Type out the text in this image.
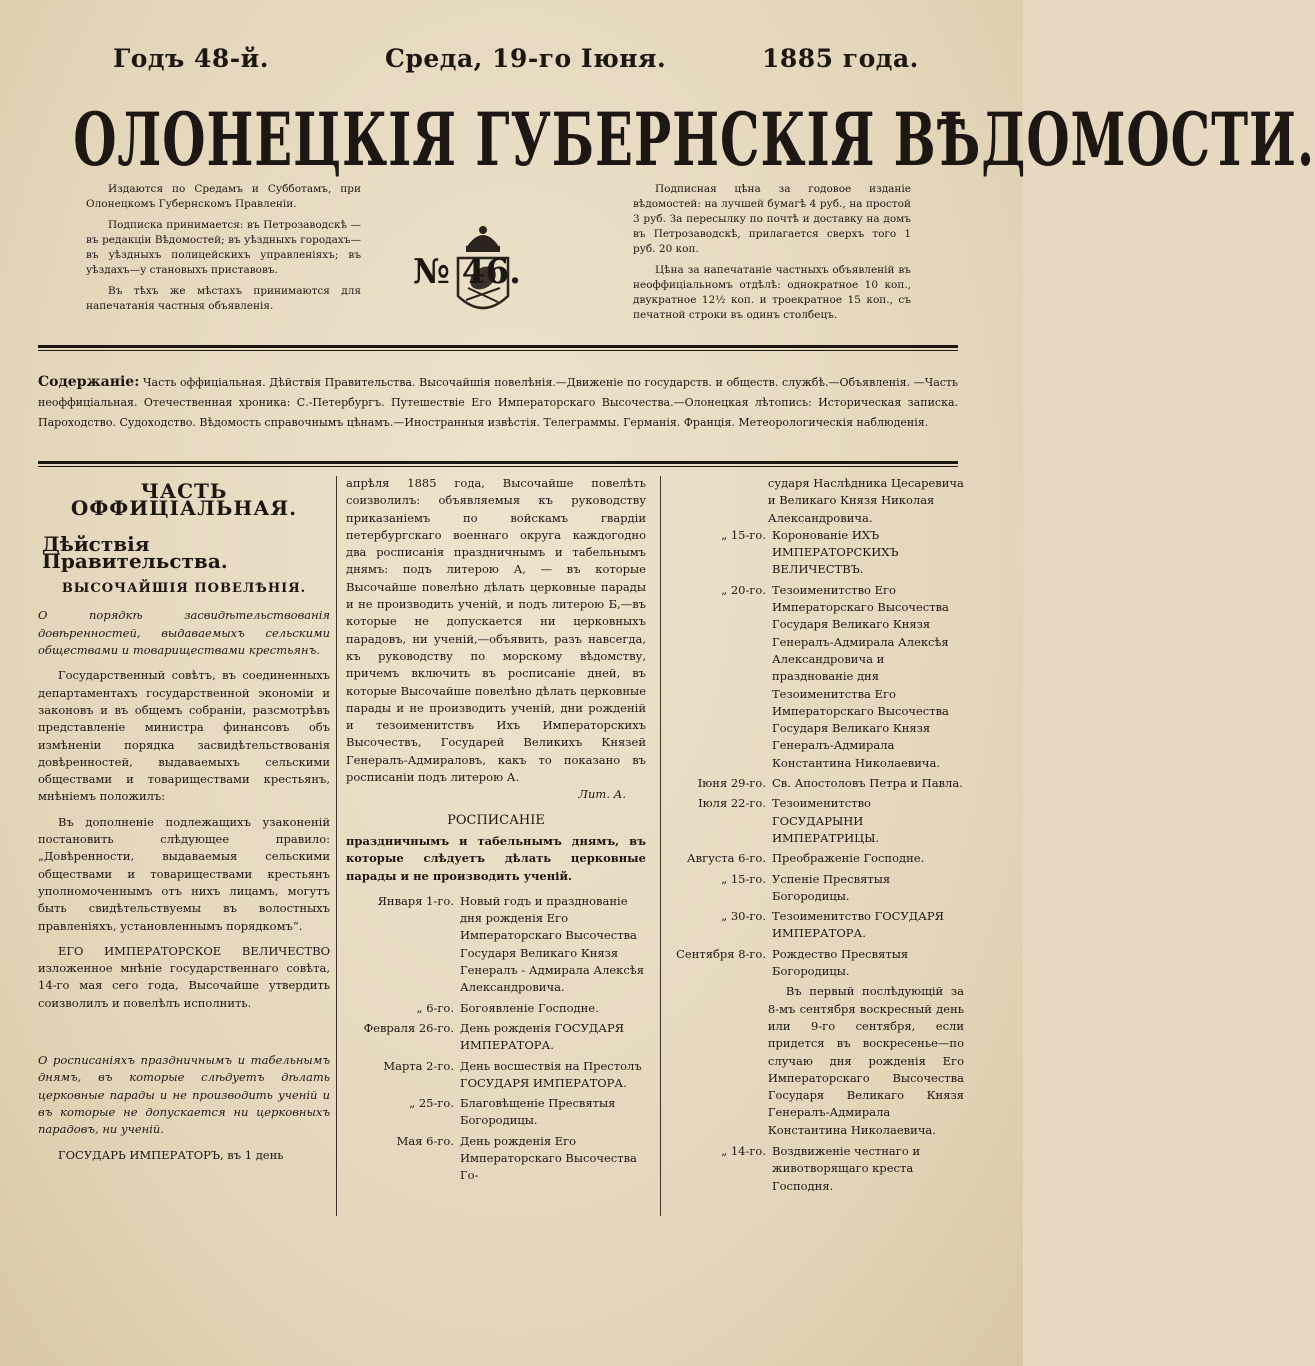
Годъ 48-й.	Среда, 19-го Іюня.	1885 года.
ОЛОНЕЦКІЯ ГУБЕРНСКІЯ ВѢДОМОСТИ.

Издаются по Средамъ и Субботамъ, при Олонецкомъ Губернскомъ Правленіи.

Подписка принимается: въ Петрозаводскѣ —въ редакціи Вѣдомостей; въ уѣздныхъ городахъ—въ уѣздныхъ полицейскихъ управленіяхъ; въ уѣздахъ—у становыхъ приставовъ.

Въ тѣхъ же мѣстахъ принимаются для напечатанія частныя объявленія.

№ 46.

Подписная цѣна за годовое изданіе вѣдомостей: на лучшей бумагѣ 4 руб., на простой 3 руб. За пересылку по почтѣ и доставку на домъ въ Петрозаводскѣ, прилагается сверхъ того 1 руб. 20 коп.

Цѣна за напечатаніе частныхъ объявленій въ неоффиціальномъ отдѣлѣ: однократное 10 коп., двукратное 12½ коп. и троекратное 15 коп., съ печатной строки въ одинъ столбецъ.

Содержаніе: Часть оффиціальная. Дѣйствія Правительства. Высочайшія повелѣнія.—Движеніе по государств. и обществ. службѣ.—Объявленія. —Часть неоффиціальная. Отечественная хроника: С.-Петербургъ. Путешествіе Его Императорскаго Высочества.—Олонецкая лѣтопись: Историческая записка. Пароходство. Судоходство. Вѣдомость справочнымъ цѣнамъ.—Иностранныя извѣстія. Телеграммы. Германія. Франція. Метеорологическія наблюденія.
ЧАСТЬ ОФФИЦІАЛЬНАЯ.
Дѣйствія Правительства.
ВЫСОЧАЙШІЯ ПОВЕЛѢНІЯ.

О порядкѣ засвидѣтельствованія довѣренностей, выдаваемыхъ сельскими обществами и товариществами крестьянъ.

Государственный совѣтъ, въ соединенныхъ департаментахъ государственной экономіи и законовъ и въ общемъ собраніи, разсмотрѣвъ представленіе министра финансовъ объ измѣненіи порядка засвидѣтельствованія довѣренностей, выдаваемыхъ сельскими обществами и товариществами крестьянъ, мнѣніемъ положилъ:

Въ дополненіе подлежащихъ узаконеній постановить слѣдующее правило: „Довѣренности, выдаваемыя сельскими обществами и товариществами крестьянъ уполномоченнымъ отъ нихъ лицамъ, могутъ быть свидѣтельствуемы въ волостныхъ правленіяхъ, установленнымъ порядкомъ“.

ЕГО ИМПЕРАТОРСКОЕ ВЕЛИЧЕСТВО изложенное мнѣніе государственнаго совѣта, 14-го мая сего года, Высочайше утвердить соизволилъ и повелѣлъ исполнить.

О росписаніяхъ праздничнымъ и табельнымъ днямъ, въ которые слѣдуетъ дѣлать церковные парады и не производить ученій и въ которые не допускается ни церковныхъ парадовъ, ни ученій.

ГОСУДАРЬ ИМПЕРАТОРЪ, въ 1 день

апрѣля 1885 года, Высочайше повелѣть соизволилъ: объявляемыя къ руководству приказаніемъ по войскамъ гвардіи петербургскаго военнаго округа каждогодно два росписанія праздничнымъ и табельнымъ днямъ: подъ литерою А, — въ которые Высочайше повелѣно дѣлать церковные парады и не производить ученій, и подъ литерою Б,—въ которые не допускается ни церковныхъ парадовъ, ни ученій,—объявить, разъ навсегда, къ руководству по морскому вѣдомству, причемъ включить въ росписаніе дней, въ которые Высочайше повелѣно дѣлать церковные парады и не производить ученій, дни рожденій и тезоименитствъ Ихъ Императорскихъ Высочествъ, Государей Великихъ Князей Генералъ-Адмираловъ, какъ то показано въ росписаніи подъ литерою А.

Лит. А.

РОСПИСАНІЕ

праздничнымъ и табельнымъ днямъ, въ которые слѣдуетъ дѣлать церковные парады и не производить ученій.

Января 1-го. Новый годъ и празднованіе дня рожденія Его Императорскаго Высочества Государя Великаго Князя Генералъ - Адмирала Алексѣя Александровича.
„ 6-го. Богоявленіе Господне.
Февраля 26-го. День рожденія ГОСУДАРЯ ИМПЕРАТОРА.
Марта 2-го. День восшествія на Престолъ ГОСУДАРЯ ИМПЕРАТОРА.
„ 25-го. Благовѣщеніе Пресвятыя Богородицы.
Мая 6-го. День рожденія Его Императорскаго Высочества Го-
сударя Наслѣдника Цесаревича и Великаго Князя Николая Александровича.
„ 15-го. Коронованіе ИХЪ ИМПЕРАТОРСКИХЪ ВЕЛИЧЕСТВЪ.
„ 20-го. Тезоименитство Его Императорскаго Высочества Государя Великаго Князя Генералъ-Адмирала Алексѣя Александровича и празднованіе дня Тезоименитства Его Императорскаго Высочества Государя Великаго Князя Генералъ-Адмирала Константина Николаевича.
Іюня 29-го. Св. Апостоловъ Петра и Павла.
Іюля 22-го. Тезоименитство ГОСУДАРЫНИ ИМПЕРАТРИЦЫ.
Августа 6-го. Преображеніе Господне.
„ 15-го. Успеніе Пресвятыя Богородицы.
„ 30-го. Тезоименитство ГОСУДАРЯ ИМПЕРАТОРА.
Сентября 8-го. Рождество Пресвятыя Богородицы.
Въ первый послѣдующій за 8-мъ сентября воскресный день или 9-го сентября, если придется въ воскресенье—по случаю дня рожденія Его Императорскаго Высочества Государя Великаго Князя Генералъ-Адмирала Константина Николаевича.
„ 14-го. Воздвиженіе честнаго и животворящаго креста Господня.
